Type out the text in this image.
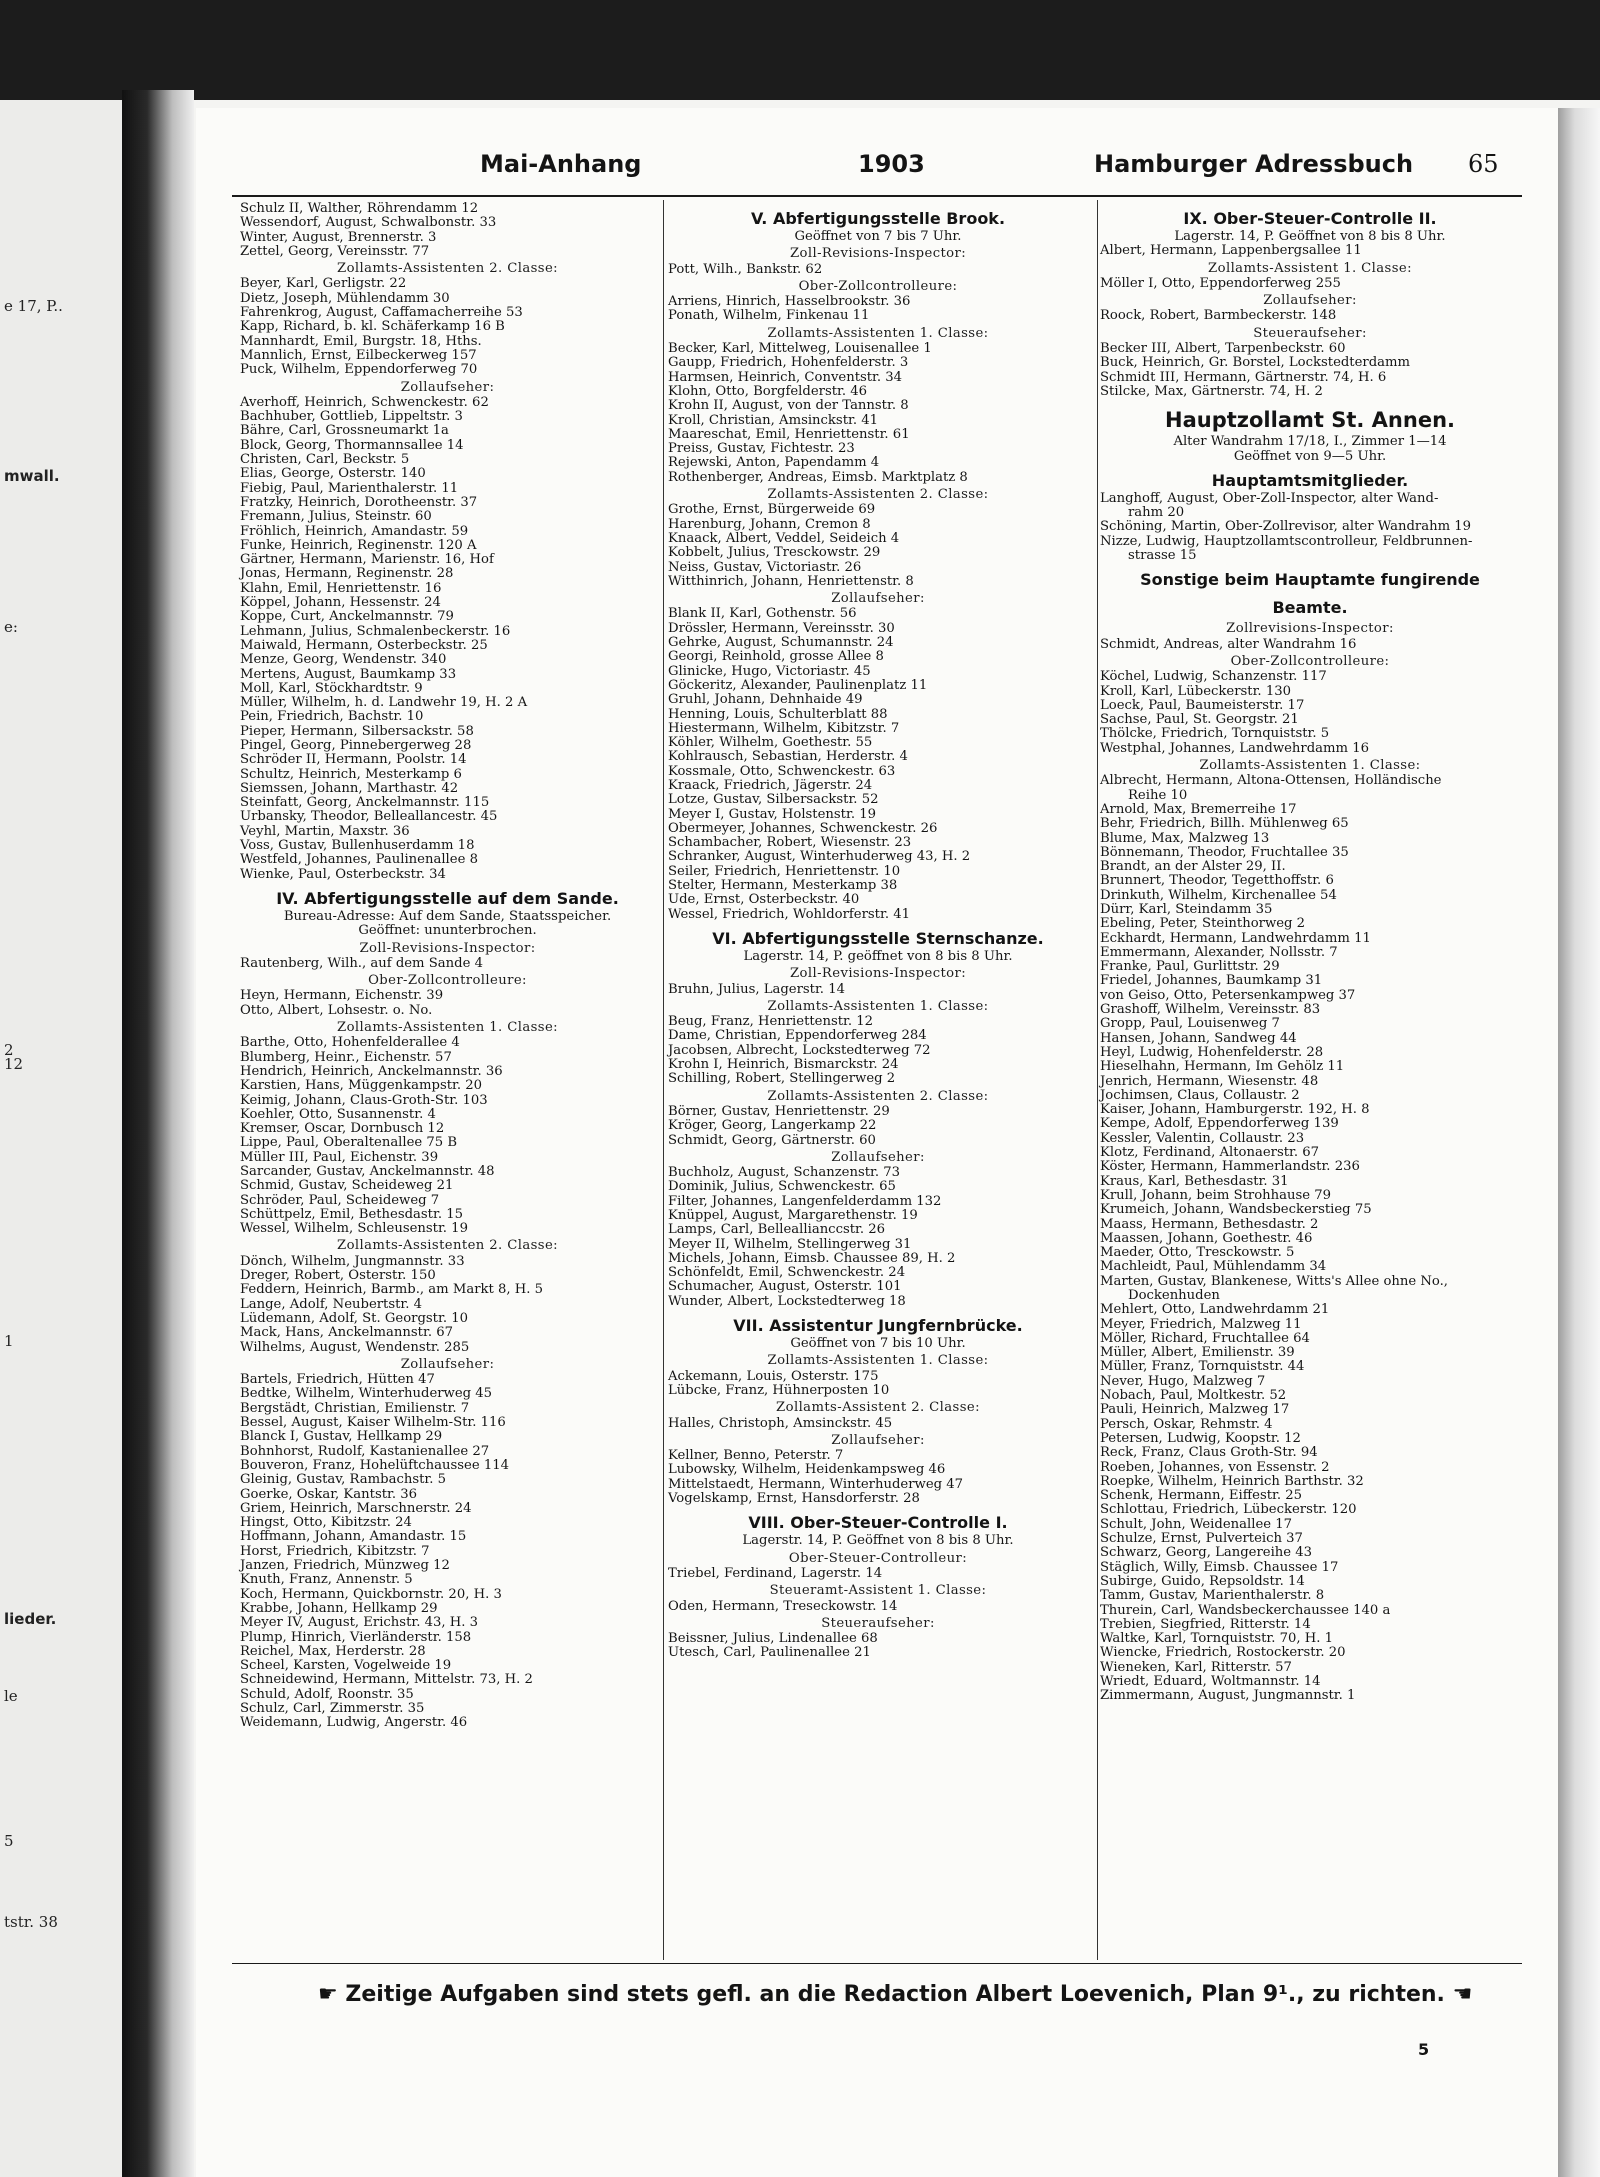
e 17, P..
mwall.
e:
2
12
1
lieder.
le
5
tstr. 38
Mai-Anhang	1903	Hamburger Adressbuch 65
Schulz II, Walther, Röhrendamm 12
Wessendorf, August, Schwalbonstr. 33
Winter, August, Brennerstr. 3
Zettel, Georg, Vereinsstr. 77
Zollamts-Assistenten 2. Classe:
Beyer, Karl, Gerligstr. 22
Dietz, Joseph, Mühlendamm 30
Fahrenkrog, August, Caffamacherreihe 53
Kapp, Richard, b. kl. Schäferkamp 16 B
Mannhardt, Emil, Burgstr. 18, Hths.
Mannlich, Ernst, Eilbeckerweg 157
Puck, Wilhelm, Eppendorferweg 70
Zollaufseher:
Averhoff, Heinrich, Schwenckestr. 62
Bachhuber, Gottlieb, Lippeltstr. 3
Bähre, Carl, Grossneumarkt 1a
Block, Georg, Thormannsallee 14
Christen, Carl, Beckstr. 5
Elias, George, Osterstr. 140
Fiebig, Paul, Marienthalerstr. 11
Fratzky, Heinrich, Dorotheenstr. 37
Fremann, Julius, Steinstr. 60
Fröhlich, Heinrich, Amandastr. 59
Funke, Heinrich, Reginenstr. 120 A
Gärtner, Hermann, Marienstr. 16, Hof
Jonas, Hermann, Reginenstr. 28
Klahn, Emil, Henriettenstr. 16
Köppel, Johann, Hessenstr. 24
Koppe, Curt, Anckelmannstr. 79
Lehmann, Julius, Schmalenbeckerstr. 16
Maiwald, Hermann, Osterbeckstr. 25
Menze, Georg, Wendenstr. 340
Mertens, August, Baumkamp 33
Moll, Karl, Stöckhardtstr. 9
Müller, Wilhelm, h. d. Landwehr 19, H. 2 A
Pein, Friedrich, Bachstr. 10
Pieper, Hermann, Silbersackstr. 58
Pingel, Georg, Pinnebergerweg 28
Schröder II, Hermann, Poolstr. 14
Schultz, Heinrich, Mesterkamp 6
Siemssen, Johann, Marthastr. 42
Steinfatt, Georg, Anckelmannstr. 115
Urbansky, Theodor, Belleallancestr. 45
Veyhl, Martin, Maxstr. 36
Voss, Gustav, Bullenhuserdamm 18
Westfeld, Johannes, Paulinenallee 8
Wienke, Paul, Osterbeckstr. 34
IV. Abfertigungsstelle auf dem Sande.
Bureau-Adresse: Auf dem Sande, Staatsspeicher.
Geöffnet: ununterbrochen.
Zoll-Revisions-Inspector:
Rautenberg, Wilh., auf dem Sande 4
Ober-Zollcontrolleure:
Heyn, Hermann, Eichenstr. 39
Otto, Albert, Lohsestr. o. No.
Zollamts-Assistenten 1. Classe:
Barthe, Otto, Hohenfelderallee 4
Blumberg, Heinr., Eichenstr. 57
Hendrich, Heinrich, Anckelmannstr. 36
Karstien, Hans, Müggenkampstr. 20
Keimig, Johann, Claus-Groth-Str. 103
Koehler, Otto, Susannenstr. 4
Kremser, Oscar, Dornbusch 12
Lippe, Paul, Oberaltenallee 75 B
Müller III, Paul, Eichenstr. 39
Sarcander, Gustav, Anckelmannstr. 48
Schmid, Gustav, Scheideweg 21
Schröder, Paul, Scheideweg 7
Schüttpelz, Emil, Bethesdastr. 15
Wessel, Wilhelm, Schleusenstr. 19
Zollamts-Assistenten 2. Classe:
Dönch, Wilhelm, Jungmannstr. 33
Dreger, Robert, Osterstr. 150
Feddern, Heinrich, Barmb., am Markt 8, H. 5
Lange, Adolf, Neubertstr. 4
Lüdemann, Adolf, St. Georgstr. 10
Mack, Hans, Anckelmannstr. 67
Wilhelms, August, Wendenstr. 285
Zollaufseher:
Bartels, Friedrich, Hütten 47
Bedtke, Wilhelm, Winterhuderweg 45
Bergstädt, Christian, Emilienstr. 7
Bessel, August, Kaiser Wilhelm-Str. 116
Blanck I, Gustav, Hellkamp 29
Bohnhorst, Rudolf, Kastanienallee 27
Bouveron, Franz, Hohelüftchaussee 114
Gleinig, Gustav, Rambachstr. 5
Goerke, Oskar, Kantstr. 36
Griem, Heinrich, Marschnerstr. 24
Hingst, Otto, Kibitzstr. 24
Hoffmann, Johann, Amandastr. 15
Horst, Friedrich, Kibitzstr. 7
Janzen, Friedrich, Münzweg 12
Knuth, Franz, Annenstr. 5
Koch, Hermann, Quickbornstr. 20, H. 3
Krabbe, Johann, Hellkamp 29
Meyer IV, August, Erichstr. 43, H. 3
Plump, Hinrich, Vierländerstr. 158
Reichel, Max, Herderstr. 28
Scheel, Karsten, Vogelweide 19
Schneidewind, Hermann, Mittelstr. 73, H. 2
Schuld, Adolf, Roonstr. 35
Schulz, Carl, Zimmerstr. 35
Weidemann, Ludwig, Angerstr. 46
V. Abfertigungsstelle Brook.
Geöffnet von 7 bis 7 Uhr.
Zoll-Revisions-Inspector:
Pott, Wilh., Bankstr. 62
Ober-Zollcontrolleure:
Arriens, Hinrich, Hasselbrookstr. 36
Ponath, Wilhelm, Finkenau 11
Zollamts-Assistenten 1. Classe:
Becker, Karl, Mittelweg, Louisenallee 1
Gaupp, Friedrich, Hohenfelderstr. 3
Harmsen, Heinrich, Conventstr. 34
Klohn, Otto, Borgfelderstr. 46
Krohn II, August, von der Tannstr. 8
Kroll, Christian, Amsinckstr. 41
Maareschat, Emil, Henriettenstr. 61
Preiss, Gustav, Fichtestr. 23
Rejewski, Anton, Papendamm 4
Rothenberger, Andreas, Eimsb. Marktplatz 8
Zollamts-Assistenten 2. Classe:
Grothe, Ernst, Bürgerweide 69
Harenburg, Johann, Cremon 8
Knaack, Albert, Veddel, Seideich 4
Kobbelt, Julius, Tresckowstr. 29
Neiss, Gustav, Victoriastr. 26
Witthinrich, Johann, Henriettenstr. 8
Zollaufseher:
Blank II, Karl, Gothenstr. 56
Drössler, Hermann, Vereinsstr. 30
Gehrke, August, Schumannstr. 24
Georgi, Reinhold, grosse Allee 8
Glinicke, Hugo, Victoriastr. 45
Göckeritz, Alexander, Paulinenplatz 11
Gruhl, Johann, Dehnhaide 49
Henning, Louis, Schulterblatt 88
Hiestermann, Wilhelm, Kibitzstr. 7
Köhler, Wilhelm, Goethestr. 55
Kohlrausch, Sebastian, Herderstr. 4
Kossmale, Otto, Schwenckestr. 63
Kraack, Friedrich, Jägerstr. 24
Lotze, Gustav, Silbersackstr. 52
Meyer I, Gustav, Holstenstr. 19
Obermeyer, Johannes, Schwenckestr. 26
Schambacher, Robert, Wiesenstr. 23
Schranker, August, Winterhuderweg 43, H. 2
Seiler, Friedrich, Henriettenstr. 10
Stelter, Hermann, Mesterkamp 38
Ude, Ernst, Osterbeckstr. 40
Wessel, Friedrich, Wohldorferstr. 41
VI. Abfertigungsstelle Sternschanze.
Lagerstr. 14, P. geöffnet von 8 bis 8 Uhr.
Zoll-Revisions-Inspector:
Bruhn, Julius, Lagerstr. 14
Zollamts-Assistenten 1. Classe:
Beug, Franz, Henriettenstr. 12
Dame, Christian, Eppendorferweg 284
Jacobsen, Albrecht, Lockstedterweg 72
Krohn I, Heinrich, Bismarckstr. 24
Schilling, Robert, Stellingerweg 2
Zollamts-Assistenten 2. Classe:
Börner, Gustav, Henriettenstr. 29
Kröger, Georg, Langerkamp 22
Schmidt, Georg, Gärtnerstr. 60
Zollaufseher:
Buchholz, August, Schanzenstr. 73
Dominik, Julius, Schwenckestr. 65
Filter, Johannes, Langenfelderdamm 132
Knüppel, August, Margarethenstr. 19
Lamps, Carl, Belleallianccstr. 26
Meyer II, Wilhelm, Stellingerweg 31
Michels, Johann, Eimsb. Chaussee 89, H. 2
Schönfeldt, Emil, Schwenckestr. 24
Schumacher, August, Osterstr. 101
Wunder, Albert, Lockstedterweg 18
VII. Assistentur Jungfernbrücke.
Geöffnet von 7 bis 10 Uhr.
Zollamts-Assistenten 1. Classe:
Ackemann, Louis, Osterstr. 175
Lübcke, Franz, Hühnerposten 10
Zollamts-Assistent 2. Classe:
Halles, Christoph, Amsinckstr. 45
Zollaufseher:
Kellner, Benno, Peterstr. 7
Lubowsky, Wilhelm, Heidenkampsweg 46
Mittelstaedt, Hermann, Winterhuderweg 47
Vogelskamp, Ernst, Hansdorferstr. 28
VIII. Ober-Steuer-Controlle I.
Lagerstr. 14, P. Geöffnet von 8 bis 8 Uhr.
Ober-Steuer-Controlleur:
Triebel, Ferdinand, Lagerstr. 14
Steueramt-Assistent 1. Classe:
Oden, Hermann, Treseckowstr. 14
Steueraufseher:
Beissner, Julius, Lindenallee 68
Utesch, Carl, Paulinenallee 21
IX. Ober-Steuer-Controlle II.
Lagerstr. 14, P. Geöffnet von 8 bis 8 Uhr.
Albert, Hermann, Lappenbergsallee 11
Zollamts-Assistent 1. Classe:
Möller I, Otto, Eppendorferweg 255
Zollaufseher:
Roock, Robert, Barmbeckerstr. 148
Steueraufseher:
Becker III, Albert, Tarpenbeckstr. 60
Buck, Heinrich, Gr. Borstel, Lockstedterdamm
Schmidt III, Hermann, Gärtnerstr. 74, H. 6
Stilcke, Max, Gärtnerstr. 74, H. 2
Hauptzollamt St. Annen.
Alter Wandrahm 17/18, I., Zimmer 1—14
Geöffnet von 9—5 Uhr.
Hauptamtsmitglieder.
Langhoff, August, Ober-Zoll-Inspector, alter Wand-
rahm 20
Schöning, Martin, Ober-Zollrevisor, alter Wandrahm 19
Nizze, Ludwig, Hauptzollamtscontrolleur, Feldbrunnen-
strasse 15
Sonstige beim Hauptamte fungirende
Beamte.
Zollrevisions-Inspector:
Schmidt, Andreas, alter Wandrahm 16
Ober-Zollcontrolleure:
Köchel, Ludwig, Schanzenstr. 117
Kroll, Karl, Lübeckerstr. 130
Loeck, Paul, Baumeisterstr. 17
Sachse, Paul, St. Georgstr. 21
Thölcke, Friedrich, Tornquiststr. 5
Westphal, Johannes, Landwehrdamm 16
Zollamts-Assistenten 1. Classe:
Albrecht, Hermann, Altona-Ottensen, Holländische
Reihe 10
Arnold, Max, Bremerreihe 17
Behr, Friedrich, Billh. Mühlenweg 65
Blume, Max, Malzweg 13
Bönnemann, Theodor, Fruchtallee 35
Brandt, an der Alster 29, II.
Brunnert, Theodor, Tegetthoffstr. 6
Drinkuth, Wilhelm, Kirchenallee 54
Dürr, Karl, Steindamm 35
Ebeling, Peter, Steinthorweg 2
Eckhardt, Hermann, Landwehrdamm 11
Emmermann, Alexander, Nollsstr. 7
Franke, Paul, Gurlittstr. 29
Friedel, Johannes, Baumkamp 31
von Geiso, Otto, Petersenkampweg 37
Grashoff, Wilhelm, Vereinsstr. 83
Gropp, Paul, Louisenweg 7
Hansen, Johann, Sandweg 44
Heyl, Ludwig, Hohenfelderstr. 28
Hieselhahn, Hermann, Im Gehölz 11
Jenrich, Hermann, Wiesenstr. 48
Jochimsen, Claus, Collaustr. 2
Kaiser, Johann, Hamburgerstr. 192, H. 8
Kempe, Adolf, Eppendorferweg 139
Kessler, Valentin, Collaustr. 23
Klotz, Ferdinand, Altonaerstr. 67
Köster, Hermann, Hammerlandstr. 236
Kraus, Karl, Bethesdastr. 31
Krull, Johann, beim Strohhause 79
Krumeich, Johann, Wandsbeckerstieg 75
Maass, Hermann, Bethesdastr. 2
Maassen, Johann, Goethestr. 46
Maeder, Otto, Tresckowstr. 5
Machleidt, Paul, Mühlendamm 34
Marten, Gustav, Blankenese, Witts's Allee ohne No.,
Dockenhuden
Mehlert, Otto, Landwehrdamm 21
Meyer, Friedrich, Malzweg 11
Möller, Richard, Fruchtallee 64
Müller, Albert, Emilienstr. 39
Müller, Franz, Tornquiststr. 44
Never, Hugo, Malzweg 7
Nobach, Paul, Moltkestr. 52
Pauli, Heinrich, Malzweg 17
Persch, Oskar, Rehmstr. 4
Petersen, Ludwig, Koopstr. 12
Reck, Franz, Claus Groth-Str. 94
Roeben, Johannes, von Essenstr. 2
Roepke, Wilhelm, Heinrich Barthstr. 32
Schenk, Hermann, Eiffestr. 25
Schlottau, Friedrich, Lübeckerstr. 120
Schult, John, Weidenallee 17
Schulze, Ernst, Pulverteich 37
Schwarz, Georg, Langereihe 43
Stäglich, Willy, Eimsb. Chaussee 17
Subirge, Guido, Repsoldstr. 14
Tamm, Gustav, Marienthalerstr. 8
Thurein, Carl, Wandsbeckerchaussee 140 a
Trebien, Siegfried, Ritterstr. 14
Waltke, Karl, Tornquiststr. 70, H. 1
Wiencke, Friedrich, Rostockerstr. 20
Wieneken, Karl, Ritterstr. 57
Wriedt, Eduard, Woltmannstr. 14
Zimmermann, August, Jungmannstr. 1
☛ Zeitige Aufgaben sind stets gefl. an die Redaction Albert Loevenich, Plan 9¹., zu richten. ☚
5
